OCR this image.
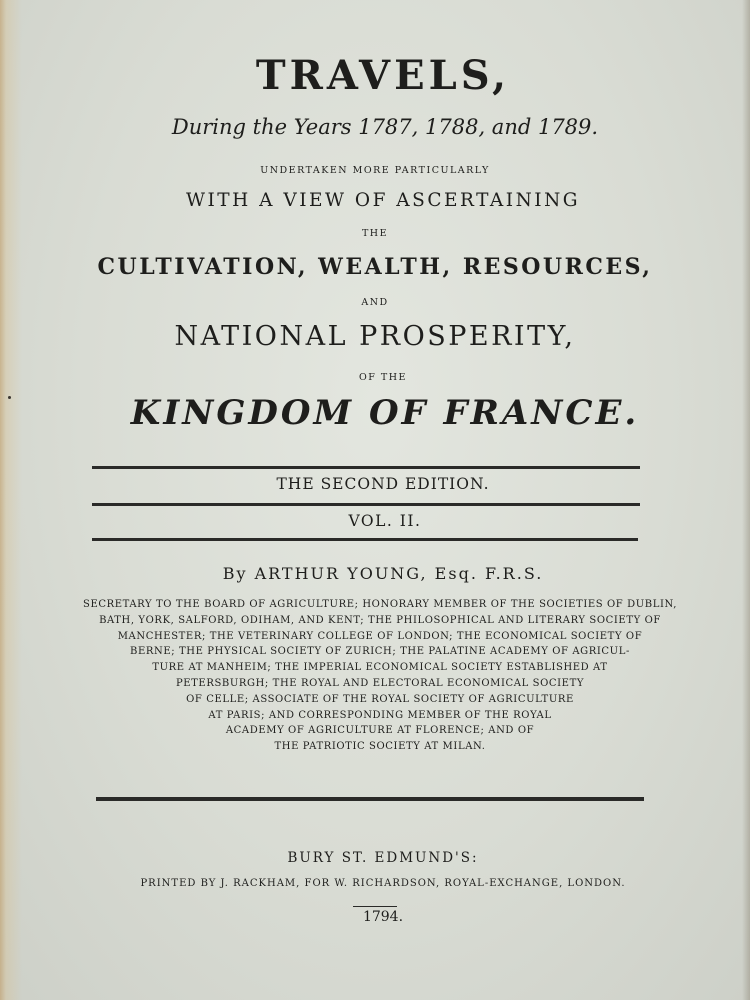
TRAVELS,
During the Years 1787, 1788, and 1789.
UNDERTAKEN MORE PARTICULARLY
WITH A VIEW OF ASCERTAINING
THE
CULTIVATION, WEALTH, RESOURCES,
AND
NATIONAL PROSPERITY,
OF THE
KINGDOM OF FRANCE.
THE SECOND EDITION.
VOL. II.
By ARTHUR YOUNG, Esq. F.R.S.
SECRETARY TO THE BOARD OF AGRICULTURE; HONORARY MEMBER OF THE SOCIETIES OF DUBLIN,
BATH, YORK, SALFORD, ODIHAM, AND KENT; THE PHILOSOPHICAL AND LITERARY SOCIETY OF
MANCHESTER; THE VETERINARY COLLEGE OF LONDON; THE ECONOMICAL SOCIETY OF
BERNE; THE PHYSICAL SOCIETY OF ZURICH; THE PALATINE ACADEMY OF AGRICUL-
TURE AT MANHEIM; THE IMPERIAL ECONOMICAL SOCIETY ESTABLISHED AT
PETERSBURGH; THE ROYAL AND ELECTORAL ECONOMICAL SOCIETY
OF CELLE; ASSOCIATE OF THE ROYAL SOCIETY OF AGRICULTURE
AT PARIS; AND CORRESPONDING MEMBER OF THE ROYAL
ACADEMY OF AGRICULTURE AT FLORENCE; AND OF
THE PATRIOTIC SOCIETY AT MILAN.
BURY ST. EDMUND'S:
PRINTED BY J. RACKHAM, FOR W. RICHARDSON, ROYAL-EXCHANGE, LONDON.
1794.
